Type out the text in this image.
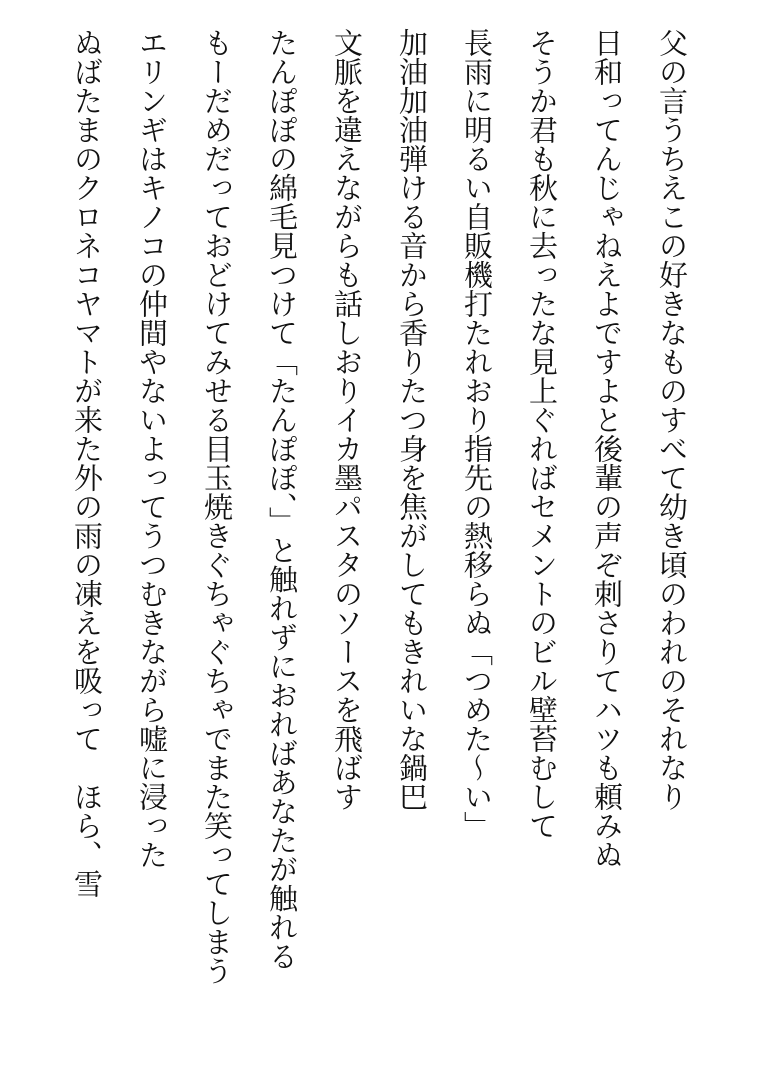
父の言うちえこの好きなものすべて幼き頃のわれのそれなり
日和ってんじゃねえよですよと後輩の声ぞ刺さりてハツも頼みぬ
そうか君も秋に去ったな見上ぐればセメントのビル壁苔むして
長雨に明るい自販機打たれおり指先の熱移らぬ「つめた〜い」
加油加油弾ける音から香りたつ身を焦がしてもきれいな鍋巴
文脈を違えながらも話しおりイカ墨パスタのソースを飛ばす
たんぽぽの綿毛見つけて「たんぽぽ、」と触れずにおればあなたが触れる
もーだめだっておどけてみせる目玉焼きぐちゃぐちゃでまた笑ってしまう
エリンギはキノコの仲間やないよってうつむきながら嘘に浸った
ぬばたまのクロネコヤマトが来た外の雨の凍えを吸って　ほら、雪
